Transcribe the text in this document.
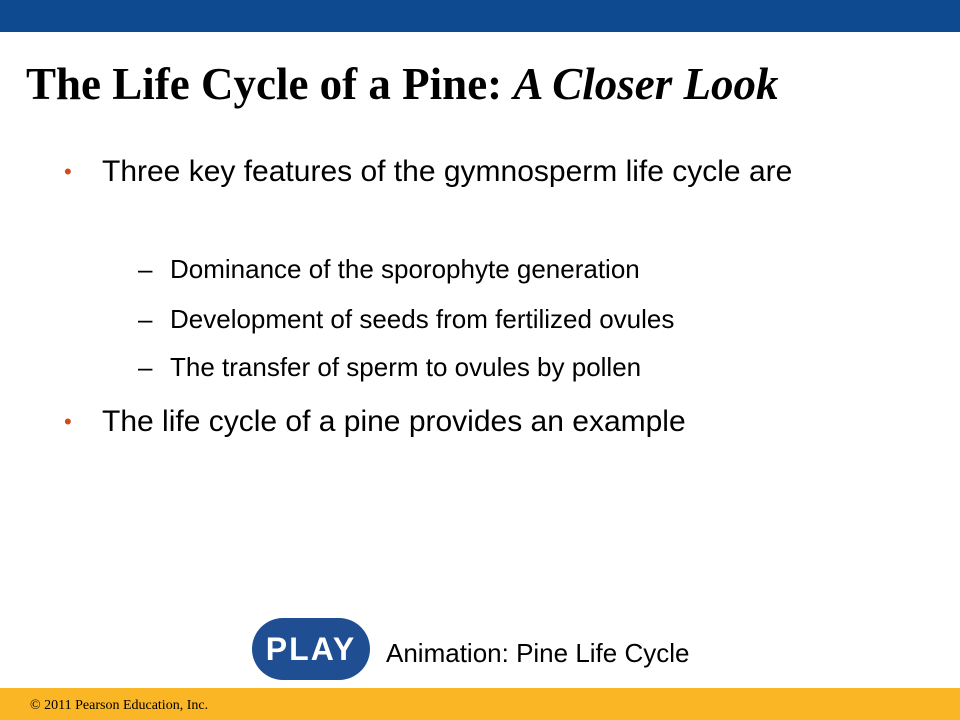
The Life Cycle of a Pine: A Closer Look
• Three key features of the gymnosperm life cycle are
– Dominance of the sporophyte generation
– Development of seeds from fertilized ovules
– The transfer of sperm to ovules by pollen
• The life cycle of a pine provides an example
PLAY	Animation: Pine Life Cycle
© 2011 Pearson Education, Inc.
